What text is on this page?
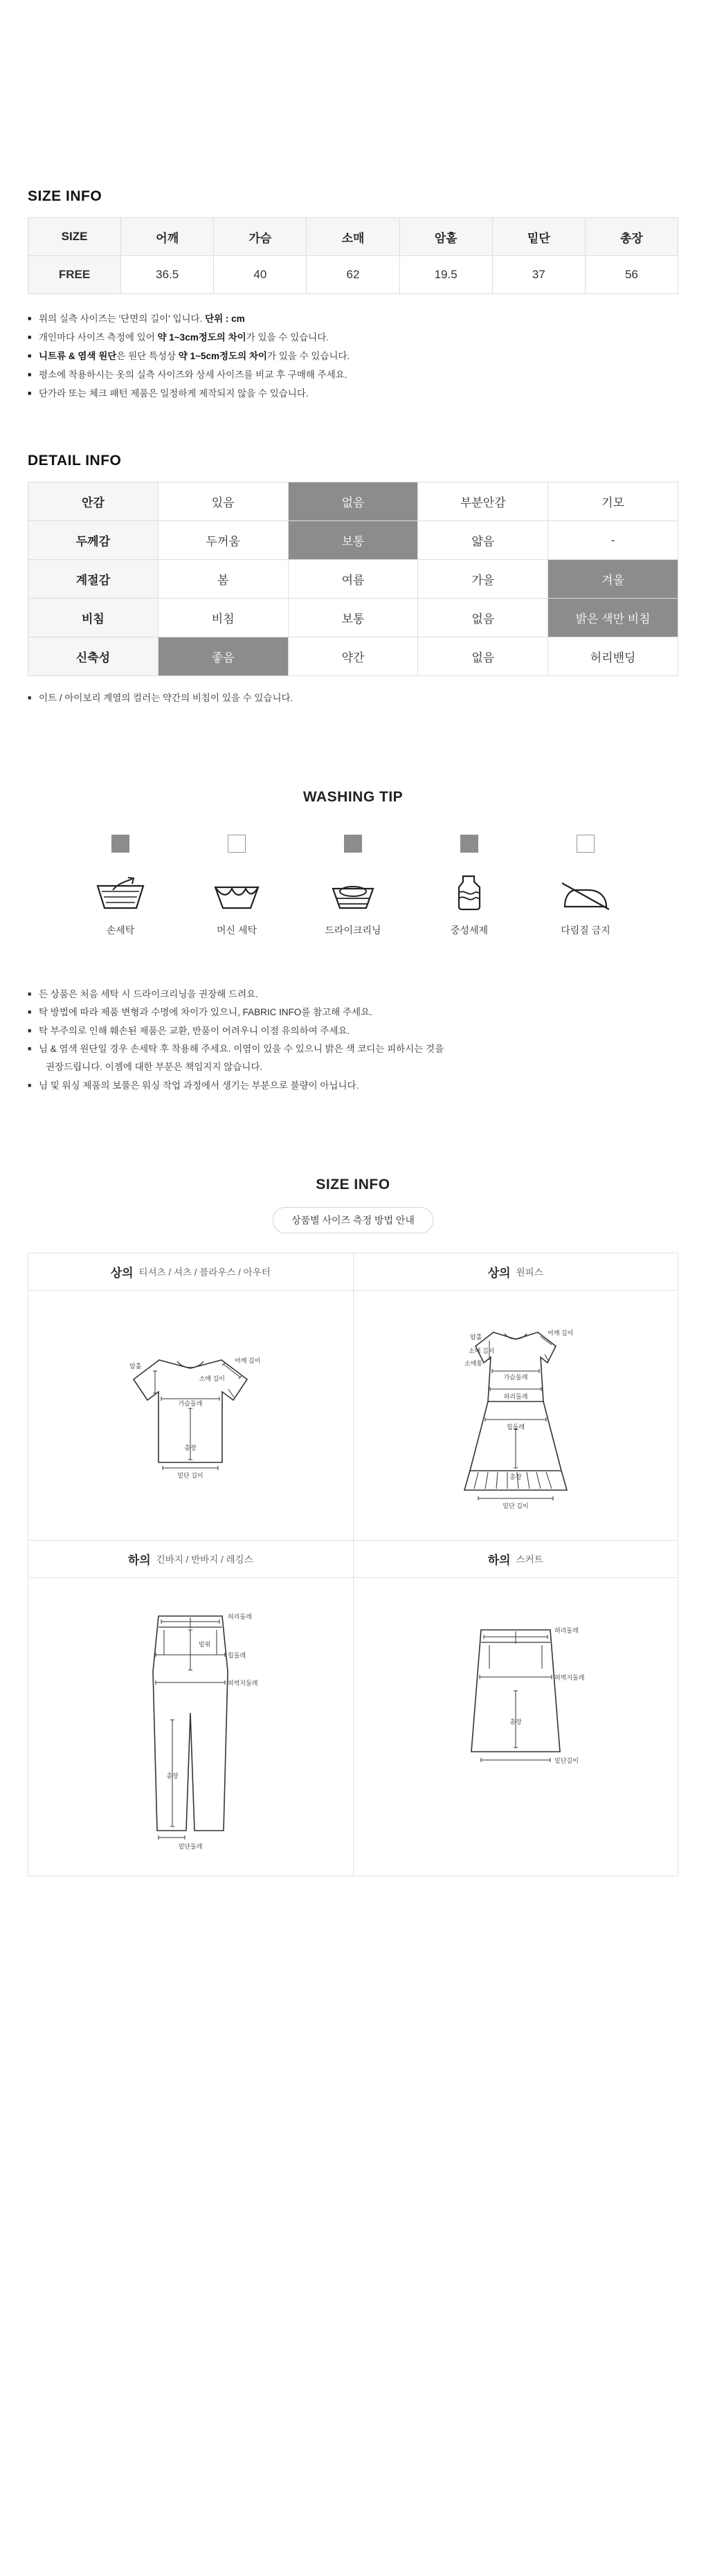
SIZE INFO
SIZE	어깨	가슴	소매	암홀	밑단	총장
FREE	36.5	40	62	19.5	37	56
■ 위의 실측 사이즈는 '단면의 길이' 입니다. 단위 : cm
■ 개인마다 사이즈 측정에 있어 약 1~3cm정도의 차이가 있을 수 있습니다.
■ 니트류 & 염색 원단은 원단 특성상 약 1~5cm정도의 차이가 있을 수 있습니다.
■ 평소에 착용하시는 옷의 실측 사이즈와 상세 사이즈를 비교 후 구매해 주세요.
■ 단가라 또는 체크 패턴 제품은 일정하게 제작되지 않을 수 있습니다.
DETAIL INFO
안감	있음	없음	부분안감	기모
두께감	두꺼움	보통	얇음	-
계절감	봄	여름	가을	겨울
비침	비침	보통	없음	밝은 색만 비침
신축성	좋음	약간	없음	허리밴딩
■ 이트 / 아이보리 계열의 컬러는 약간의 비침이 있을 수 있습니다.
WASHING TIP
손세탁	머신 세탁	드라이크리닝	중성세제	다림질 금지
■ 든 상품은 처음 세탁 시 드라이크리닝을 권장해 드려요.
■ 탁 방법에 따라 제품 변형과 수명에 차이가 있으니, FABRIC INFO를 참고해 주세요.
■ 탁 부주의로 인해 훼손된 제품은 교환, 반품이 어려우니 이점 유의하여 주세요.
■ 님 & 염색 원단일 경우 손세탁 후 착용해 주세요. 이염이 있을 수 있으니 밝은 색 코디는 피하시는 것을
권장드립니다. 이젬에 대한 부분은 책임지지 않습니다.
■ 님 및 워싱 제품의 보풀은 워싱 작업 과정에서 생기는 부분으로 불량이 아닙니다.
SIZE INFO
상품별 사이즈 측정 방법 안내
상의 티셔츠 / 셔츠 / 블라우스 / 아우터
암홀
어깨 길이
소매 길이
가슴둘레
총장
밑단 길이
상의 원피스
암홀
어깨 길이
소매 길이
소매통
가슴둘레
허리둘레
힙둘레
총장
밑단 길이
하의 긴바지 / 반바지 / 레깅스
허리둘레
밑위
힙둘레
허벅지둘레
총장
밑단둘레
하의 스커트
허리둘레
허벅지둘레
총장
밑단길이
